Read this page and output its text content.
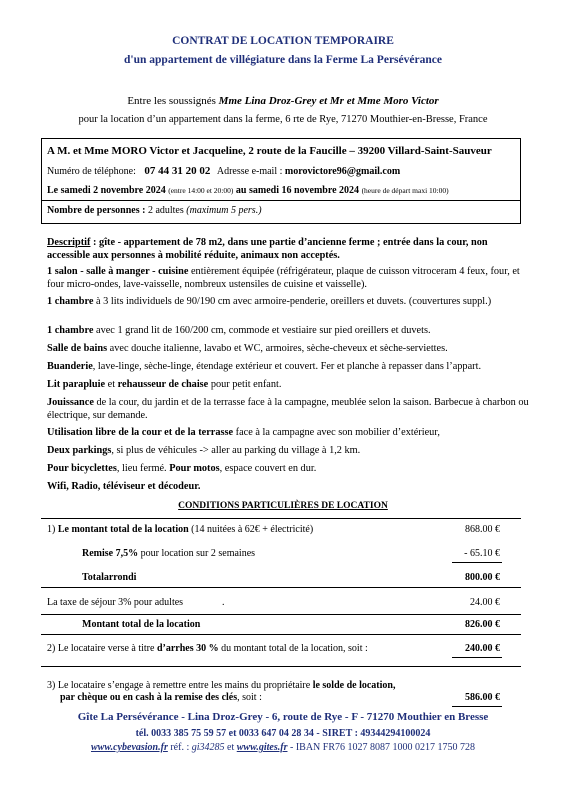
CONTRAT DE LOCATION TEMPORAIRE
d'un appartement de villégiature dans la Ferme La Persévérance
Entre les soussignés Mme Lina Droz-Grey et Mr et Mme Moro Victor
pour la location d’un appartement dans la ferme, 6 rte de Rye, 71270 Mouthier-en-Bresse, France
A M. et Mme MORO Victor et Jacqueline, 2 route de la Faucille – 39200 Villard-Saint-Sauveur
Numéro de téléphone: 07 44 31 20 02 Adresse e-mail : morovictore96@gmail.com
Le samedi 2 novembre 2024 (entre 14:00 et 20:00) au samedi 16 novembre 2024 (heure de départ maxi 10:00)
Nombre de personnes : 2 adultes (maximum 5 pers.)
Descriptif : gîte - appartement de 78 m2, dans une partie d’ancienne ferme ; entrée dans la cour, non accessible aux personnes à mobilité réduite, animaux non acceptés.
1 salon - salle à manger - cuisine entièrement équipée (réfrigérateur, plaque de cuisson vitroceram 4 feux, four, et four micro-ondes, lave-vaisselle, nombreux ustensiles de cuisine et vaisselle).
1 chambre à 3 lits individuels de 90/190 cm avec armoire-penderie, oreillers et duvets. (couvertures suppl.)
1 chambre avec 1 grand lit de 160/200 cm, commode et vestiaire sur pied oreillers et duvets.
Salle de bains avec douche italienne, lavabo et WC, armoires, sèche-cheveux et sèche-serviettes.
Buanderie, lave-linge, sèche-linge, étendage extérieur et couvert. Fer et planche à repasser dans l’appart.
Lit parapluie et rehausseur de chaise pour petit enfant.
Jouissance de la cour, du jardin et de la terrasse face à la campagne, meublée selon la saison. Barbecue à charbon ou électrique, sur demande.
Utilisation libre de la cour et de la terrasse face à la campagne avec son mobilier d’extérieur,
Deux parkings, si plus de véhicules -> aller au parking du village à 1,2 km.
Pour bicyclettes, lieu fermé. Pour motos, espace couvert en dur.
Wifi, Radio, téléviseur et décodeur.
CONDITIONS PARTICULIÈRES DE LOCATION
1) Le montant total de la location (14 nuitées à 62€ + électricité)	868.00 €
Remise 7,5% pour location sur 2 semaines	- 65.10 €
Totalarrondi	800.00 €
La taxe de séjour 3% pour adultes	.	24.00 €
Montant total de la location	826.00 €
2) Le locataire verse à titre d’arrhes 30 % du montant total de la location, soit :	240.00 €
3) Le locataire s’engage à remettre entre les mains du propriétaire le solde de location,
par chèque ou en cash à la remise des clés, soit :	586.00 €
Gîte La Persévérance - Lina Droz-Grey - 6, route de Rye - F - 71270 Mouthier en Bresse
tél. 0033 385 75 59 57 et 0033 647 04 28 34 - SIRET : 49344294100024
www.cybevasion.fr réf. : gi34285 et www.gites.fr - IBAN FR76 1027 8087 1000 0217 1750 728
